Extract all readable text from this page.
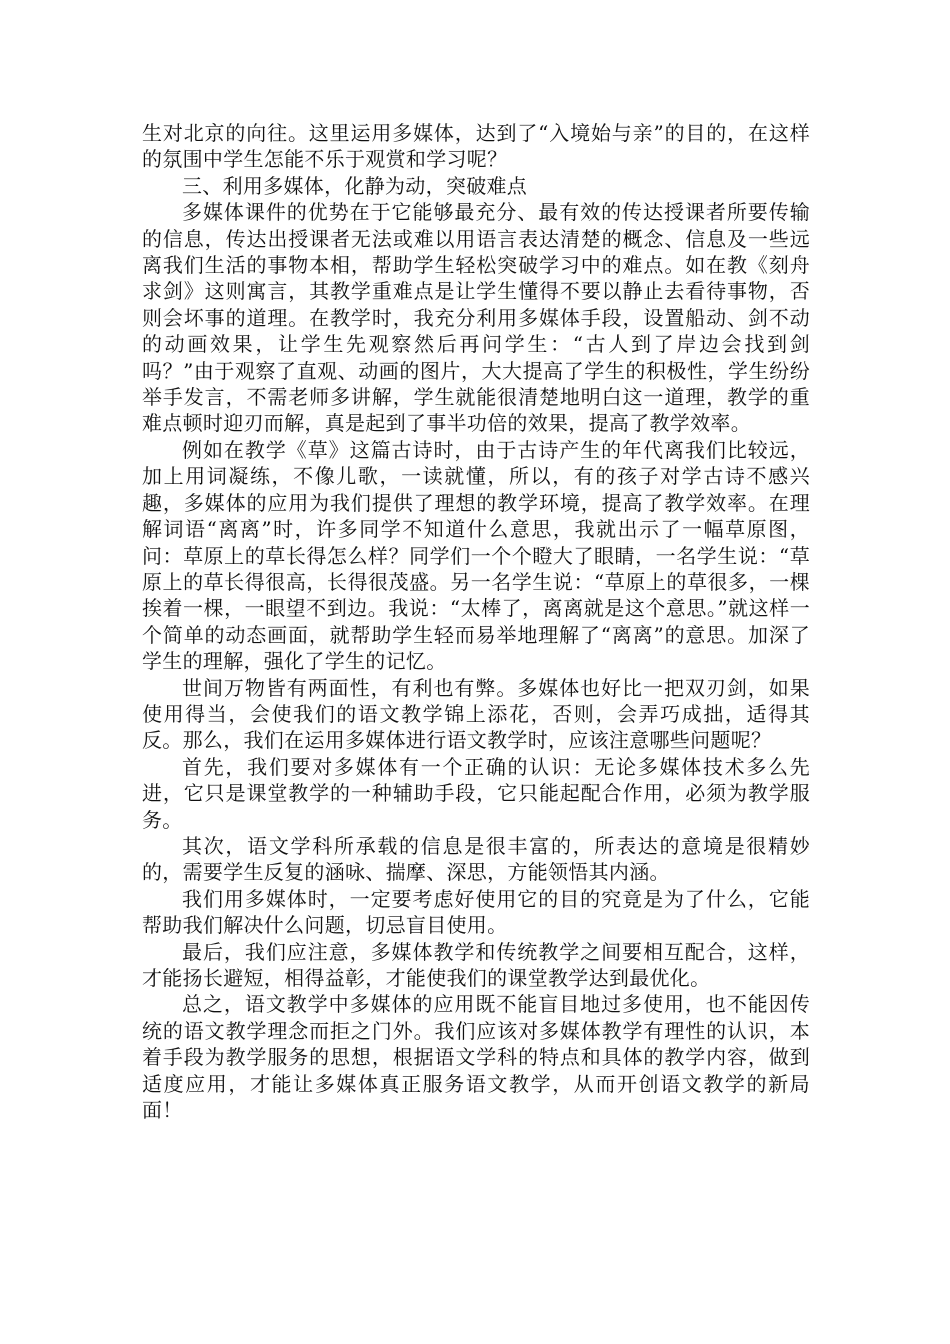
生对北京的向往。这里运用多媒体，达到了“入境始与亲”的目的，在这样的氛围中学生怎能不乐于观赏和学习呢？

三、利用多媒体，化静为动，突破难点

多媒体课件的优势在于它能够最充分、最有效的传达授课者所要传输的信息，传达出授课者无法或难以用语言表达清楚的概念、信息及一些远离我们生活的事物本相，帮助学生轻松突破学习中的难点。如在教《刻舟求剑》这则寓言，其教学重难点是让学生懂得不要以静止去看待事物，否则会坏事的道理。在教学时，我充分利用多媒体手段，设置船动、剑不动的动画效果，让学生先观察然后再问学生：“古人到了岸边会找到剑吗？”由于观察了直观、动画的图片，大大提高了学生的积极性，学生纷纷举手发言，不需老师多讲解，学生就能很清楚地明白这一道理，教学的重难点顿时迎刃而解，真是起到了事半功倍的效果，提高了教学效率。

例如在教学《草》这篇古诗时，由于古诗产生的年代离我们比较远，加上用词凝练，不像儿歌，一读就懂，所以，有的孩子对学古诗不感兴趣，多媒体的应用为我们提供了理想的教学环境，提高了教学效率。在理解词语“离离”时，许多同学不知道什么意思，我就出示了一幅草原图，问：草原上的草长得怎么样？同学们一个个瞪大了眼睛，一名学生说：“草原上的草长得很高，长得很茂盛。另一名学生说：“草原上的草很多，一棵挨着一棵，一眼望不到边。我说：“太棒了，离离就是这个意思。”就这样一个简单的动态画面，就帮助学生轻而易举地理解了“离离”的意思。加深了学生的理解，强化了学生的记忆。

世间万物皆有两面性，有利也有弊。多媒体也好比一把双刃剑，如果使用得当，会使我们的语文教学锦上添花，否则，会弄巧成拙，适得其反。那么，我们在运用多媒体进行语文教学时，应该注意哪些问题呢？

首先，我们要对多媒体有一个正确的认识：无论多媒体技术多么先进，它只是课堂教学的一种辅助手段，它只能起配合作用，必须为教学服务。

其次，语文学科所承载的信息是很丰富的，所表达的意境是很精妙的，需要学生反复的涵咏、揣摩、深思，方能领悟其内涵。

我们用多媒体时，一定要考虑好使用它的目的究竟是为了什么，它能帮助我们解决什么问题，切忌盲目使用。

最后，我们应注意，多媒体教学和传统教学之间要相互配合，这样，才能扬长避短，相得益彰，才能使我们的课堂教学达到最优化。

总之，语文教学中多媒体的应用既不能盲目地过多使用，也不能因传统的语文教学理念而拒之门外。我们应该对多媒体教学有理性的认识，本着手段为教学服务的思想，根据语文学科的特点和具体的教学内容，做到适度应用，才能让多媒体真正服务语文教学，从而开创语文教学的新局面！
